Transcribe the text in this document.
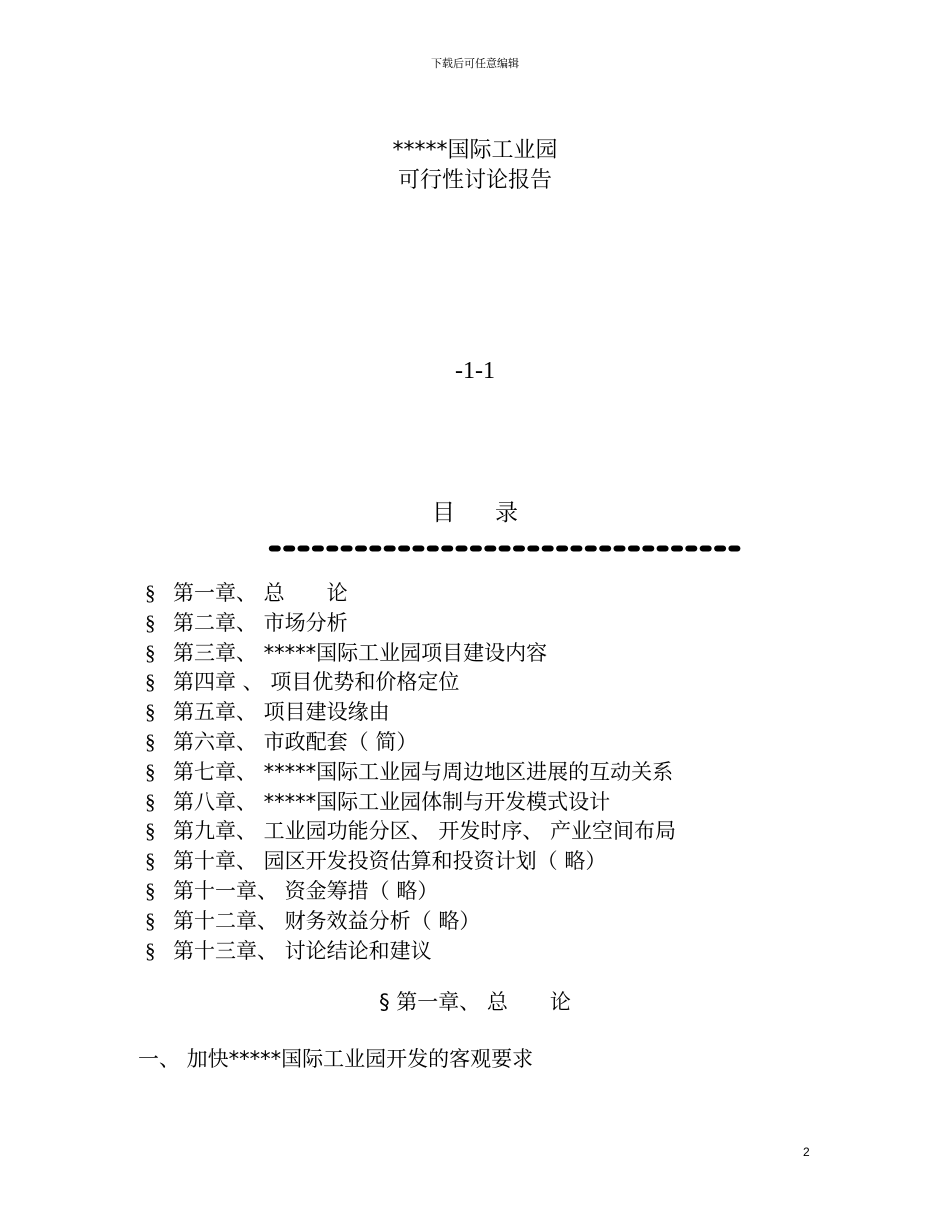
下载后可任意编辑
*****国际工业园
可行性讨论报告
-1-1
目录
§ 第一章、 总　　论
§ 第二章、 市场分析
§ 第三章、 *****国际工业园项目建设内容
§ 第四章 、 项目优势和价格定位
§ 第五章、 项目建设缘由
§ 第六章、 市政配套（ 简）
§ 第七章、 *****国际工业园与周边地区进展的互动关系
§ 第八章、 *****国际工业园体制与开发模式设计
§ 第九章、 工业园功能分区、 开发时序、 产业空间布局
§ 第十章、 园区开发投资估算和投资计划（ 略）
§ 第十一章、 资金筹措（ 略）
§ 第十二章、 财务效益分析（ 略）
§ 第十三章、 讨论结论和建议
§ 第一章、 总　　论
一、 加快*****国际工业园开发的客观要求
2
